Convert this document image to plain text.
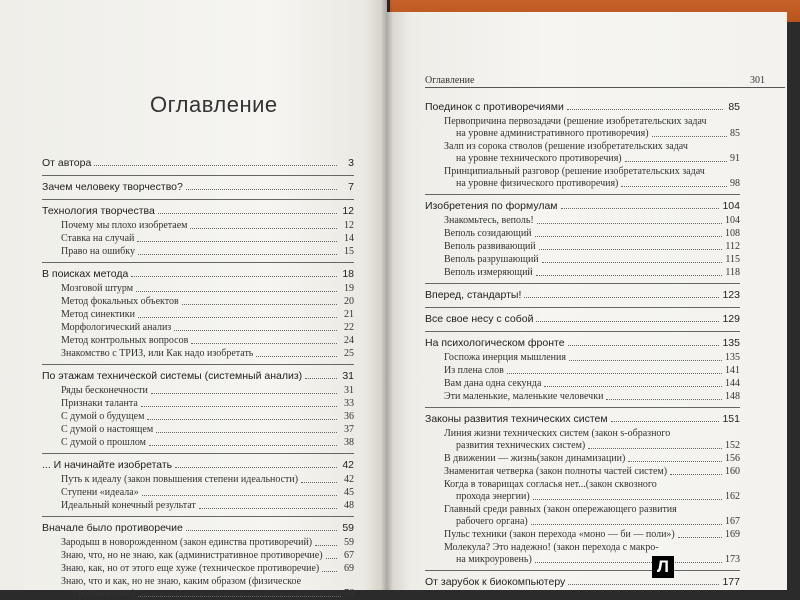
Оглавление
От автора	3
Зачем человеку творчество?	7
Технология творчества	12
Почему мы плохо изобретаем	12
Ставка на случай	14
Право на ошибку	15
В поисках метода	18
Мозговой штурм	19
Метод фокальных объектов	20
Метод синектики	21
Морфологический анализ	22
Метод контрольных вопросов	24
Знакомство с ТРИЗ, или Как надо изобретать	25
По этажам технической системы (системный анализ)	31
Ряды бесконечности	31
Признаки таланта	33
С думой о будущем	36
С думой о настоящем	37
С думой о прошлом	38
... И начинайте изобретать	42
Путь к идеалу (закон повышения степени идеальности)	42
Ступени «идеала»	45
Идеальный конечный результат	48
Вначале было противоречие	59
Зародыш в новорожденном (закон единства противоречий)	59
Знаю, что, но не знаю, как (административное противоречие)	67
Знаю, как, но от этого еще хуже (техническое противоречие)	69
Знаю, что и как, но не знаю, каким образом (физическое
противоречие)	76
Оглавление	301
Поединок с противоречиями	85
Первопричина первозадачи (решение изобретательских задач
на уровне административного противоречия)	85
Залп из сорока стволов (решение изобретательских задач
на уровне технического противоречия)	91
Принципиальный разговор (решение изобретательских задач
на уровне физического противоречия)	98
Изобретения по формулам	104
Знакомьтесь, веполь!	104
Веполь созидающий	108
Веполь развивающий	112
Веполь разрушающий	115
Веполь измеряющий	118
Вперед, стандарты!	123
Все свое несу с собой	129
На психологическом фронте	135
Госпожа инерция мышления	135
Из плена слов	141
Вам дана одна секунда	144
Эти маленькие, маленькие человечки	148
Законы развития технических систем	151
Линия жизни технических систем (закон s-образного
развития технических систем)	152
В движении — жизнь(закон динамизации)	156
Знаменитая четверка (закон полноты частей систем)	160
Когда в товарищах согласья нет...(закон сквозного
прохода энергии)	162
Главный среди равных (закон опережающего развития
рабочего органа)	167
Пульс техники (закон перехода «моно — би — поли»)	169
Молекула? Это надежно! (закон перехода с макро-
на микроуровень)	173
От зарубок к биокомпьютеру	177
Л
